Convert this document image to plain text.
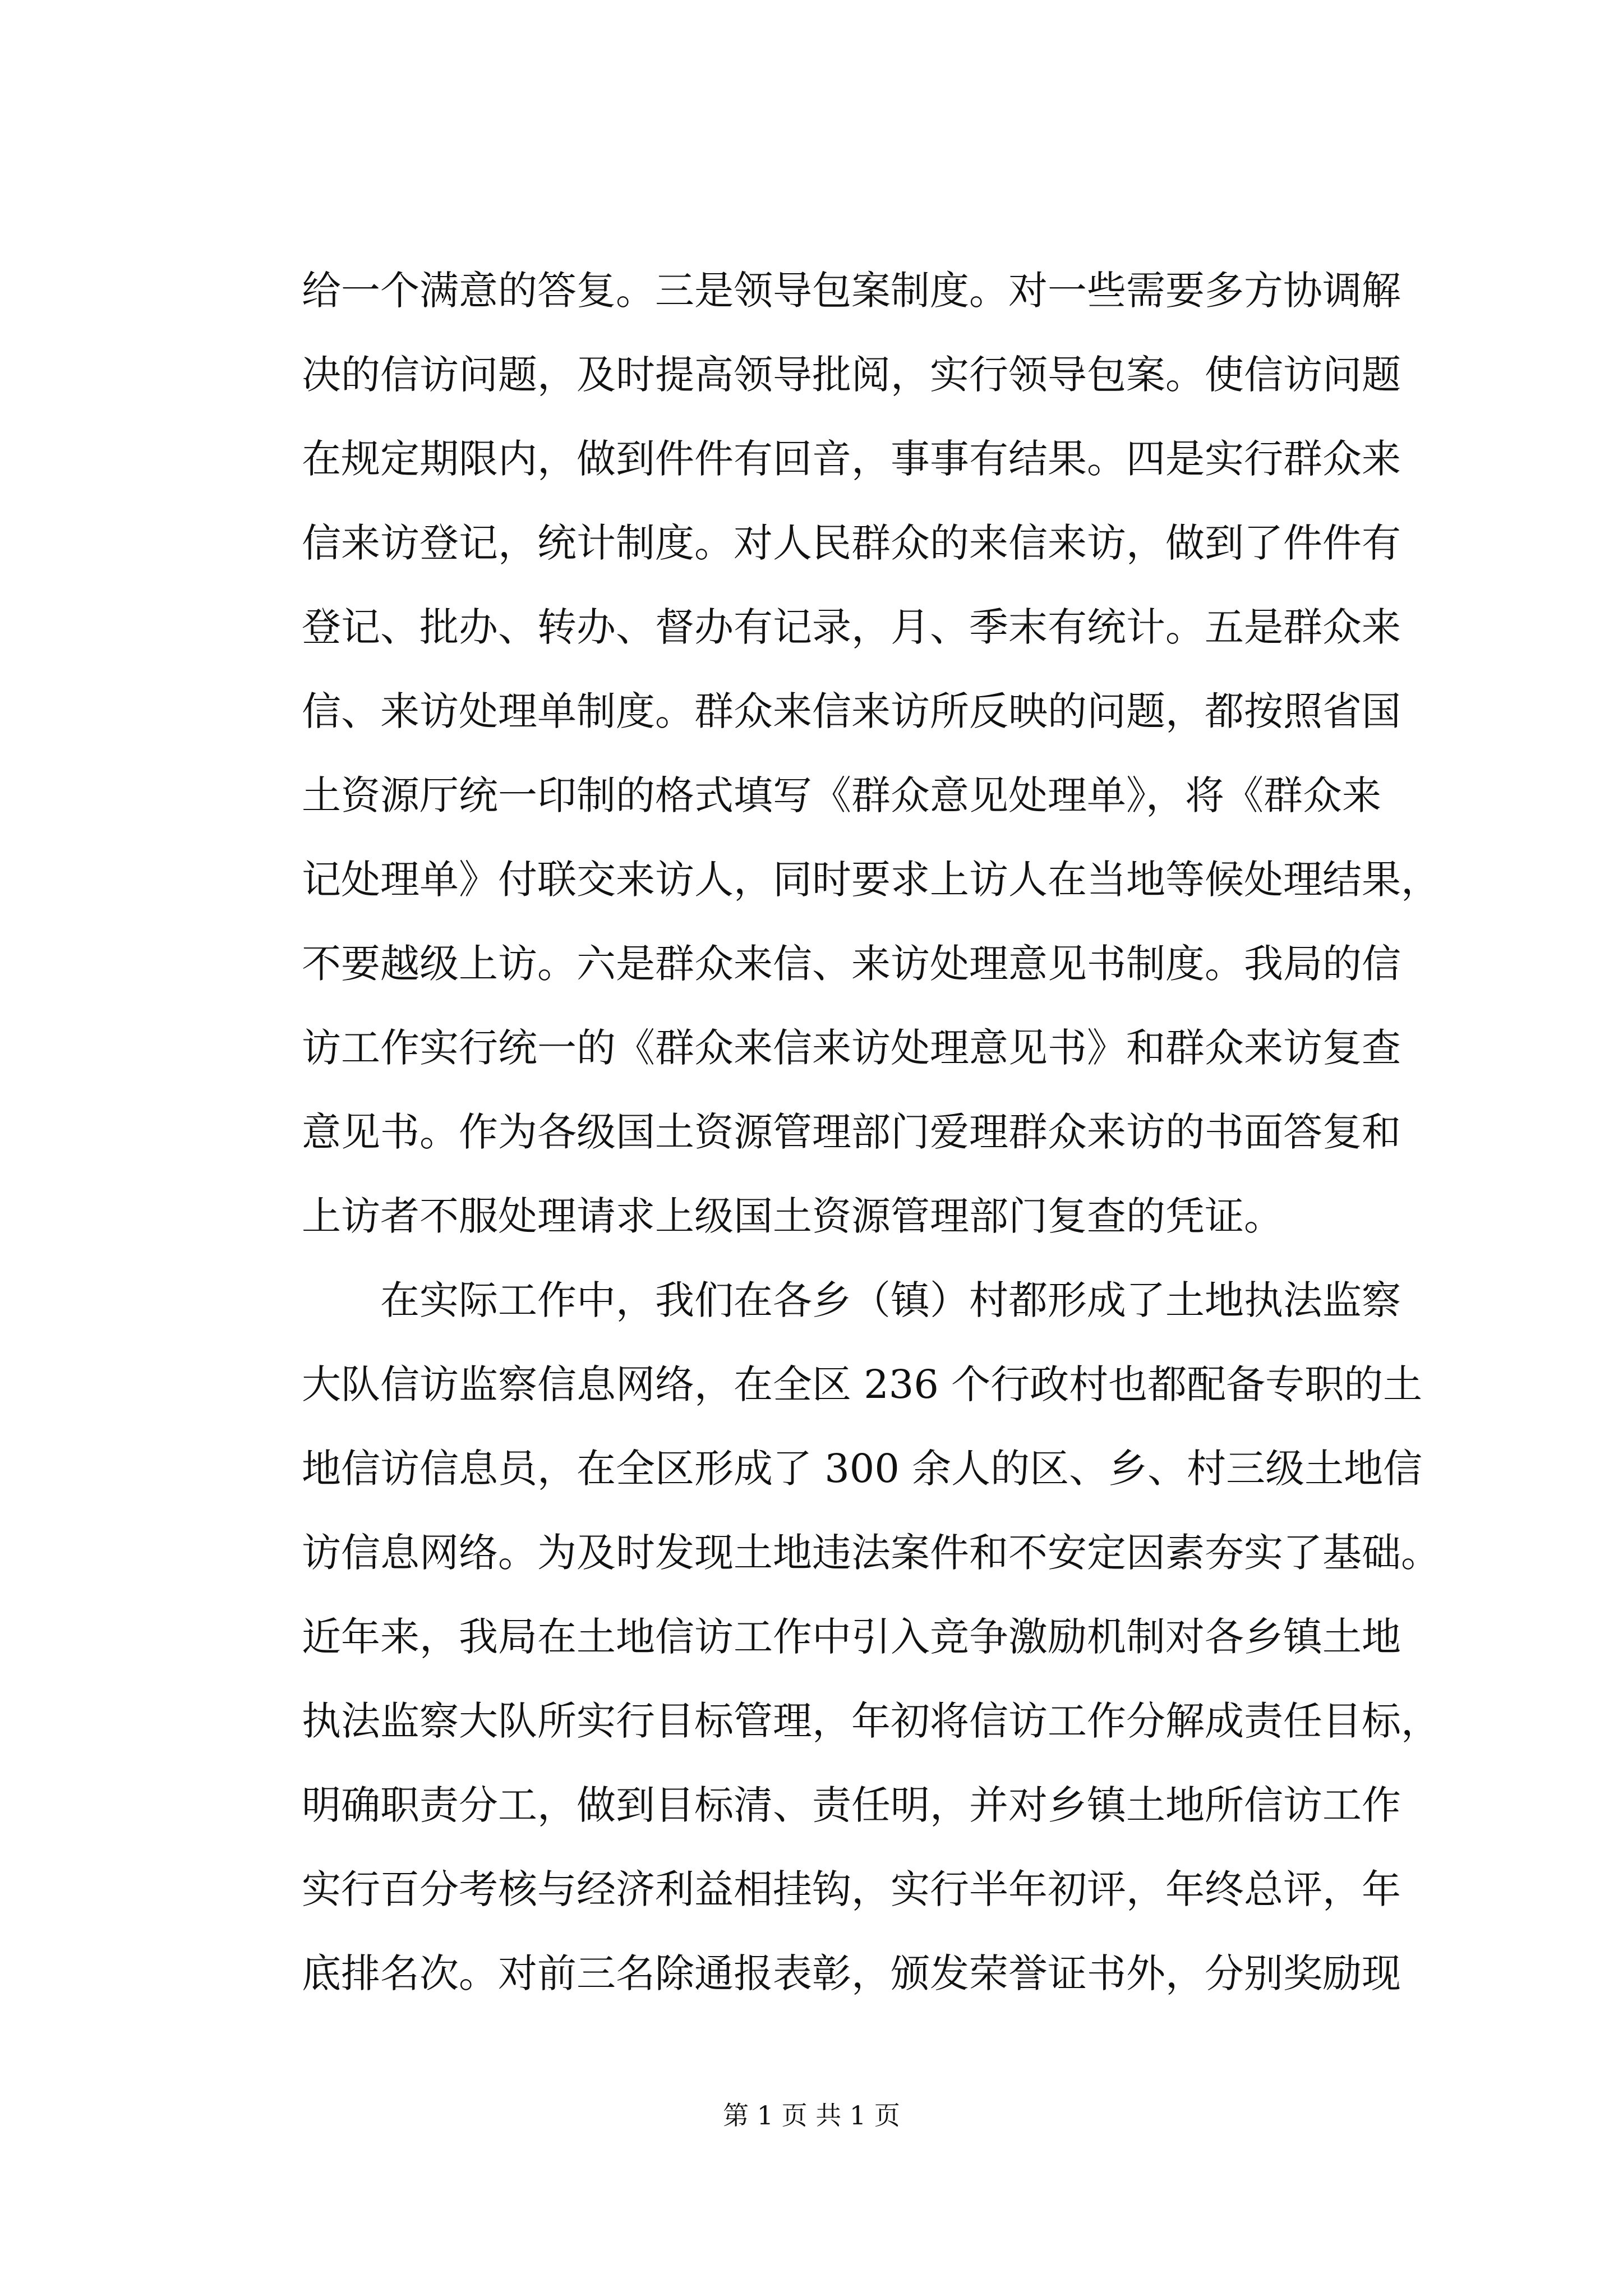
给一个满意的答复。三是领导包案制度。对一些需要多方协调解
决的信访问题，及时提高领导批阅，实行领导包案。使信访问题
在规定期限内，做到件件有回音，事事有结果。四是实行群众来
信来访登记，统计制度。对人民群众的来信来访，做到了件件有
登记、批办、转办、督办有记录，月、季末有统计。五是群众来
信、来访处理单制度。群众来信来访所反映的问题，都按照省国
土资源厅统一印制的格式填写《群众意见处理单》，将《群众来
记处理单》付联交来访人，同时要求上访人在当地等候处理结果，
不要越级上访。六是群众来信、来访处理意见书制度。我局的信
访工作实行统一的《群众来信来访处理意见书》和群众来访复查
意见书。作为各级国土资源管理部门爱理群众来访的书面答复和
上访者不服处理请求上级国土资源管理部门复查的凭证。
在实际工作中，我们在各乡（镇）村都形成了土地执法监察
大队信访监察信息网络，在全区 236 个行政村也都配备专职的土
地信访信息员，在全区形成了 300 余人的区、乡、村三级土地信
访信息网络。为及时发现土地违法案件和不安定因素夯实了基础。
近年来，我局在土地信访工作中引入竞争激励机制对各乡镇土地
执法监察大队所实行目标管理，年初将信访工作分解成责任目标，
明确职责分工，做到目标清、责任明，并对乡镇土地所信访工作
实行百分考核与经济利益相挂钩，实行半年初评，年终总评，年
底排名次。对前三名除通报表彰，颁发荣誉证书外，分别奖励现
第 1 页 共 1 页
